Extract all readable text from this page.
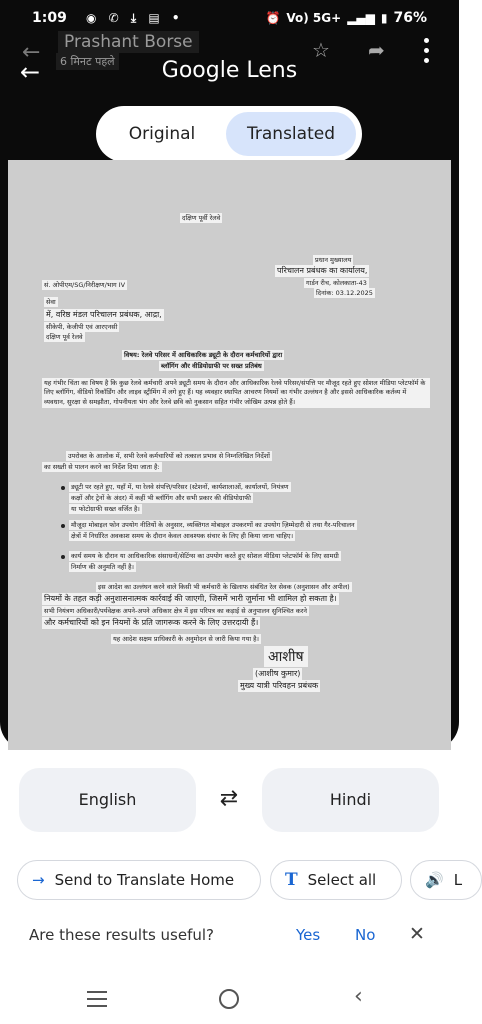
1:09 ◉ ✆ ⤓ ▤ •	⏰ Vo) 5G+ ▂▄▆ ▮ 76%
←	Prashant Borse
6 मिनट पहले
←	Google Lens
☆ ➦
Original	Translated
दक्षिण पूर्वी रेलवे
प्रधान मुख्यालय
परिचालन प्रबंधक का कार्यालय,
गार्डन रीच, कोलकाता-43
दिनांक: 03.12.2025
सं. ओपीएम/SG/निरीक्षण/भाग IV
सेवा
में, वरिष्ठ मंडल परिचालन प्रबंधक, आद्रा,
सीकेपी, केजीपी एवं आरएनसी
दक्षिण पूर्व रेलवे
विषय: रेलवे परिसर में आधिकारिक ड्यूटी के दौरान कर्मचारियों द्वारा
ब्लॉगिंग और वीडियोग्राफी पर सख्त प्रतिबंध
यह गंभीर चिंता का विषय है कि कुछ रेलवे कर्मचारी अपने ड्यूटी समय के दौरान और आधिकारिक रेलवे परिसर/संपत्ति पर मौजूद रहते हुए सोशल मीडिया प्लेटफॉर्म के लिए ब्लॉगिंग, वीडियो रिकॉर्डिंग और लाइव स्ट्रीमिंग में लगे हुए हैं। यह व्यवहार स्थापित आचरण नियमों का गंभीर उल्लंघन है और इससे आधिकारिक कर्तव्य में व्यवधान, सुरक्षा से समझौता, गोपनीयता भंग और रेलवे छवि को नुकसान सहित गंभीर जोखिम उत्पन्न होते हैं।
उपरोक्त के आलोक में, सभी रेलवे कर्मचारियों को तत्काल प्रभाव से निम्नलिखित निर्देशों
का सख्ती से पालन करने का निर्देश दिया जाता है:
ड्यूटी पर रहते हुए, यहाँ में, या रेलवे संपत्ति/परिसर (स्टेशनों, कार्यशालाओं, कार्यालयों, नियंत्रण
कक्षों और ट्रेनों के अंदर) में कहीं भी ब्लॉगिंग और सभी प्रकार की वीडियोग्राफी
या फोटोग्राफी सख्त वर्जित है।
मौजूदा मोबाइल फोन उपयोग नीतियों के अनुसार, व्यक्तिगत मोबाइल उपकरणों का उपयोग ज़िम्मेदारी से तथा गैर-परिचालन
क्षेत्रों में निर्धारित अवकाश समय के दौरान केवल आवश्यक संचार के लिए ही किया जाना चाहिए।
कार्य समय के दौरान या आधिकारिक संसाधनों/सेटिंग्स का उपयोग करते हुए सोशल मीडिया प्लेटफॉर्म के लिए सामग्री
निर्माण की अनुमति नहीं है।
इस आदेश का उल्लंघन करने वाले किसी भी कर्मचारी के खिलाफ संबंधित रेल सेवक (अनुशासन और अपील)
नियमों के तहत कड़ी अनुशासनात्मक कार्रवाई की जाएगी, जिसमें भारी जुर्माना भी शामिल हो सकता है।
सभी नियंत्रण अधिकारी/पर्यवेक्षक अपने-अपने अधिकार क्षेत्र में इस परिपत्र का कड़ाई से अनुपालन सुनिश्चित करने
और कर्मचारियों को इन नियमों के प्रति जागरूक करने के लिए उत्तरदायी हैं।
यह आदेश सक्षम प्राधिकारी के अनुमोदन से जारी किया गया है।
आशीष
(आशीष कुमार)
मुख्य यात्री परिवहन प्रबंधक
English	⇄	Hindi
→ Send to Translate Home	T Select all	🔊 L
Are these results useful?	Yes No ✕
‹
